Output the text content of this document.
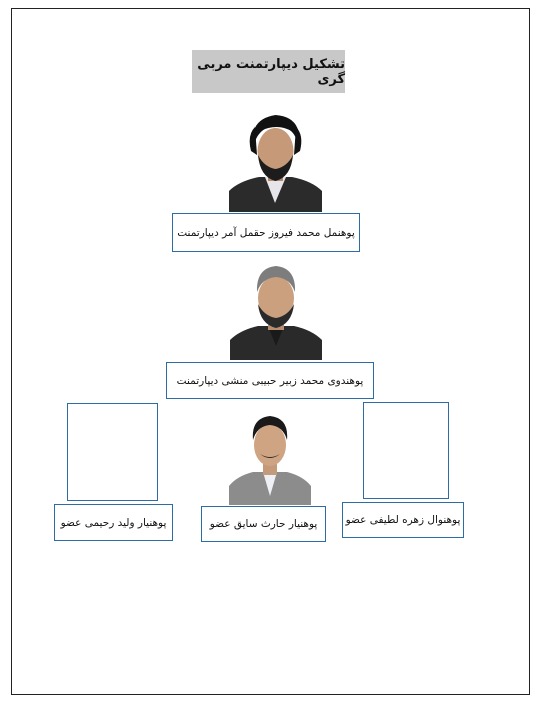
تشکیل دیپارتمنت مربی گری
پوهنمل محمد فیروز حقمل آمر دیپارتمنت
پوهندوی محمد زبیر حبیبی منشی دیپارتمنت
پوهنیار ولید رحیمی عضو	پوهنیار حارث سایق عضو	پوهنوال زهره لطیفی عضو
